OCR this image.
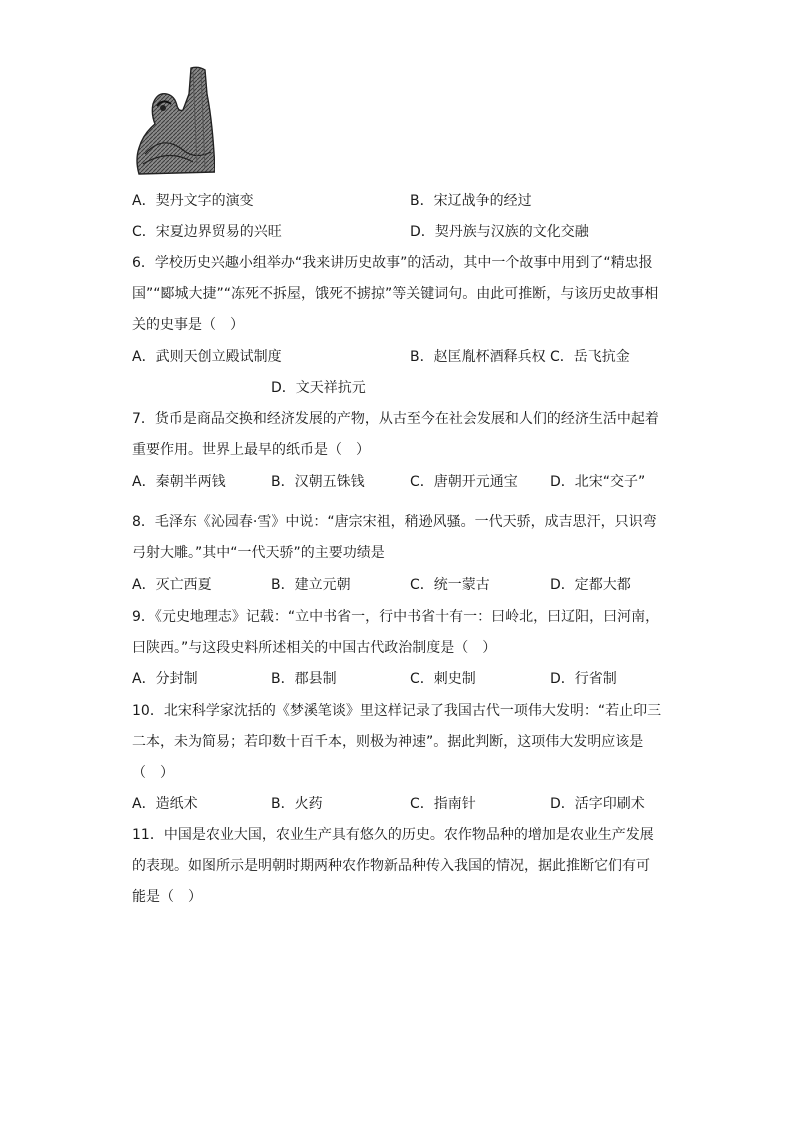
A．契丹文字的演变	B．宋辽战争的经过
C．宋夏边界贸易的兴旺	D．契丹族与汉族的文化交融
6．学校历史兴趣小组举办“我来讲历史故事”的活动，其中一个故事中用到了“精忠报
国”“郾城大捷”“冻死不拆屋，饿死不掳掠”等关键词句。由此可推断，与该历史故事相
关的史事是（　）
A．武则天创立殿试制度	B．赵匡胤杯酒释兵权 C．岳飞抗金
D．文天祥抗元
7．货币是商品交换和经济发展的产物，从古至今在社会发展和人们的经济生活中起着
重要作用。世界上最早的纸币是（　）
A．秦朝半两钱	B．汉朝五铢钱	C．唐朝开元通宝 D．北宋“交子”
8．毛泽东《沁园春·雪》中说：“唐宗宋祖，稍逊风骚。一代天骄，成吉思汗，只识弯
弓射大雕。”其中“一代天骄”的主要功绩是
A．灭亡西夏	B．建立元朝	C．统一蒙古	D．定都大都
9．《元史地理志》记载：“立中书省一，行中书省十有一：曰岭北，曰辽阳，曰河南，
曰陕西。”与这段史料所述相关的中国古代政治制度是（　）
A．分封制	B．郡县制	C．刺史制	D．行省制
10．北宋科学家沈括的《梦溪笔谈》里这样记录了我国古代一项伟大发明：“若止印三
二本，未为简易；若印数十百千本，则极为神速”。据此判断，这项伟大发明应该是
（　）
A．造纸术	B．火药	C．指南针	D．活字印刷术
11．中国是农业大国，农业生产具有悠久的历史。农作物品种的增加是农业生产发展
的表现。如图所示是明朝时期两种农作物新品种传入我国的情况，据此推断它们有可
能是（　）
